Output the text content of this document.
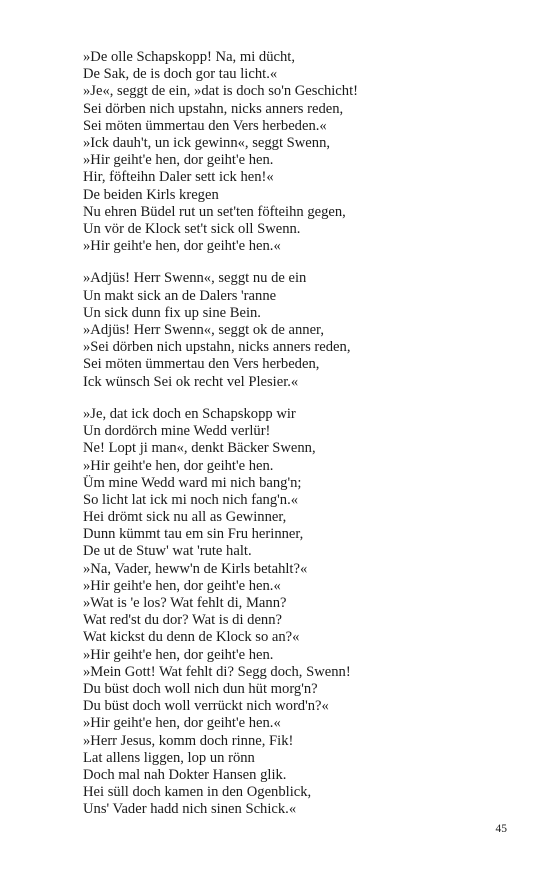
»De olle Schapskopp! Na, mi dücht,
De Sak, de is doch gor tau licht.«
»Je«, seggt de ein, »dat is doch so'n Geschicht!
Sei dörben nich upstahn, nicks anners reden,
Sei möten ümmertau den Vers herbeden.«
»Ick dauh't, un ick gewinn«, seggt Swenn,
»Hir geiht'e hen, dor geiht'e hen.
Hir, föfteihn Daler sett ick hen!«
De beiden Kirls kregen
Nu ehren Büdel rut un set'ten föfteihn gegen,
Un vör de Klock set't sick oll Swenn.
»Hir geiht'e hen, dor geiht'e hen.«
»Adjüs! Herr Swenn«, seggt nu de ein
Un makt sick an de Dalers 'ranne
Un sick dunn fix up sine Bein.
»Adjüs! Herr Swenn«, seggt ok de anner,
»Sei dörben nich upstahn, nicks anners reden,
Sei möten ümmertau den Vers herbeden,
Ick wünsch Sei ok recht vel Plesier.«
»Je, dat ick doch en Schapskopp wir
Un dordörch mine Wedd verlür!
Ne! Lopt ji man«, denkt Bäcker Swenn,
»Hir geiht'e hen, dor geiht'e hen.
Üm mine Wedd ward mi nich bang'n;
So licht lat ick mi noch nich fang'n.«
Hei drömt sick nu all as Gewinner,
Dunn kümmt tau em sin Fru herinner,
De ut de Stuw' wat 'rute halt.
»Na, Vader, heww'n de Kirls betahlt?«
»Hir geiht'e hen, dor geiht'e hen.«
»Wat is 'e los? Wat fehlt di, Mann?
Wat red'st du dor? Wat is di denn?
Wat kickst du denn de Klock so an?«
»Hir geiht'e hen, dor geiht'e hen.
»Mein Gott! Wat fehlt di? Segg doch, Swenn!
Du büst doch woll nich dun hüt morg'n?
Du büst doch woll verrückt nich word'n?«
»Hir geiht'e hen, dor geiht'e hen.«
»Herr Jesus, komm doch rinne, Fik!
Lat allens liggen, lop un rönn
Doch mal nah Dokter Hansen glik.
Hei süll doch kamen in den Ogenblick,
Uns' Vader hadd nich sinen Schick.«
45
